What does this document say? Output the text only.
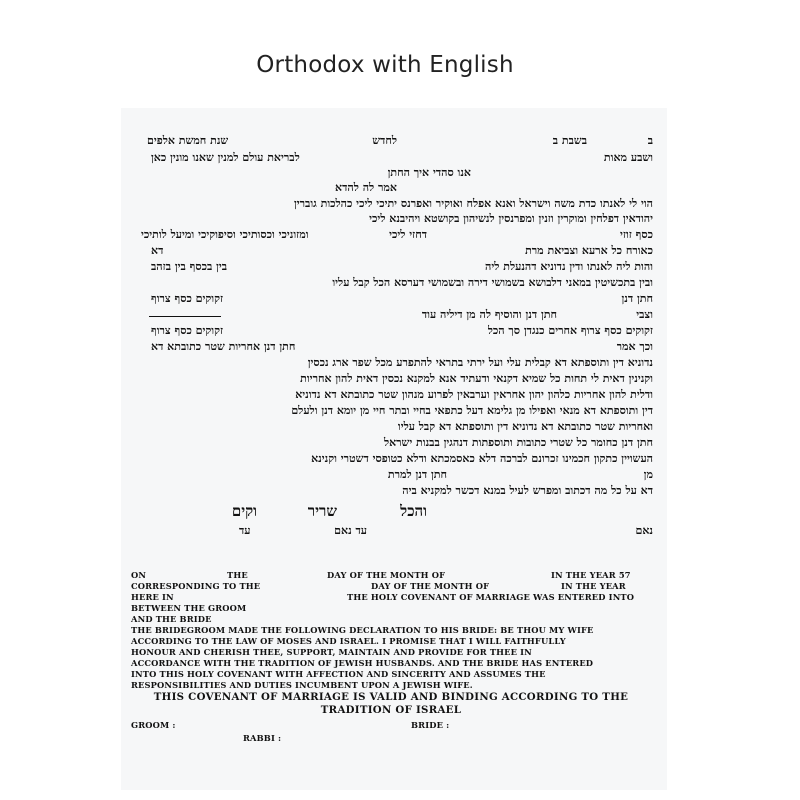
Orthodox with English
ב
בשבת ב
לחדש
שנת חמשת אלפים
ושבע מאות
לבריאת עולם למנין שאנו מונין כאן
אנו סהדי איך החתן
אמר לה להדא
הוי לי לאנתו כדת משה וישראל ואנא אפלח ואוקיר ואפרנס יתיכי ליכי כהלכות גוברין
יהודאין דפלחין ומוקרין וזנין ומפרנסין לנשיהון בקושטא ויהיבנא ליכי
כסף זוזי
דחזי ליכי
ומזוניכי וכסותיכי וסיפוקיכי ומיעל לותיכי
כאורח כל ארעא וצביאת מרת
דא
והות ליה לאנתו ודין נדוניא דהנעלת ליה
בין בכסף בין בזהב
ובין בתכשיטין במאני דלבושא בשמושי דירה ובשמושי דערסא הכל קבל עליו
חתן דנן
זקוקים כסף צרוף
וצבי
חתן דנן והוסיף לה מן דיליה עוד
זקוקים כסף צרוף אחרים כנגדן סך הכל
זקוקים כסף צרוף
וכך אמר
חתן דנן אחריות שטר כתובתא דא
נדוניא דין ותוספתא דא קבלית עלי ועל ירתי בתראי להתפרע מכל שפר ארג נכסין
וקנינין דאית לי תחות כל שמיא דקנאי ודעתיד אנא למקנא נכסין דאית להון אחריות
ודלית להון אחריות כלהון יהון אחראין וערבאין לפרוע מנהון שטר כתובתא דא נדוניא
דין ותוספתא דא מנאי ואפילו מן גלימא דעל כתפאי בחיי ובתר חיי מן יומא דנן ולעלם
ואחריות שטר כתובתא דא נדוניא דין ותוספתא דא קבל עליו
חתן דנן כחומר כל שטרי כתובות ותוספתות דנהגין בבנות ישראל
העשויין כתקון חכמינו זכרונם לברכה דלא כאסמכתא ודלא כטופסי דשטרי וקנינא
מן
חתן דנן למרת
דא על כל מה דכתוב ומפרש לעיל במנא דכשר למקניא ביה
והכל
שריר
וקים
נאם
עד נאם
עד
ON	THE	DAY OF THE MONTH OF	IN THE YEAR 57
CORRESPONDING TO THE	DAY OF THE MONTH OF	IN THE YEAR
HERE IN	THE HOLY COVENANT OF MARRIAGE WAS ENTERED INTO
BETWEEN THE GROOM
AND THE BRIDE
THE BRIDEGROOM MADE THE FOLLOWING DECLARATION TO HIS BRIDE: BE THOU MY WIFE
ACCORDING TO THE LAW OF MOSES AND ISRAEL. I PROMISE THAT I WILL FAITHFULLY
HONOUR AND CHERISH THEE, SUPPORT, MAINTAIN AND PROVIDE FOR THEE IN
ACCORDANCE WITH THE TRADITION OF JEWISH HUSBANDS. AND THE BRIDE HAS ENTERED
INTO THIS HOLY COVENANT WITH AFFECTION AND SINCERITY AND ASSUMES THE
RESPONSIBILITIES AND DUTIES INCUMBENT UPON A JEWISH WIFE.
THIS COVENANT OF MARRIAGE IS VALID AND BINDING ACCORDING TO THE
TRADITION OF ISRAEL
GROOM :	BRIDE :
RABBI :
